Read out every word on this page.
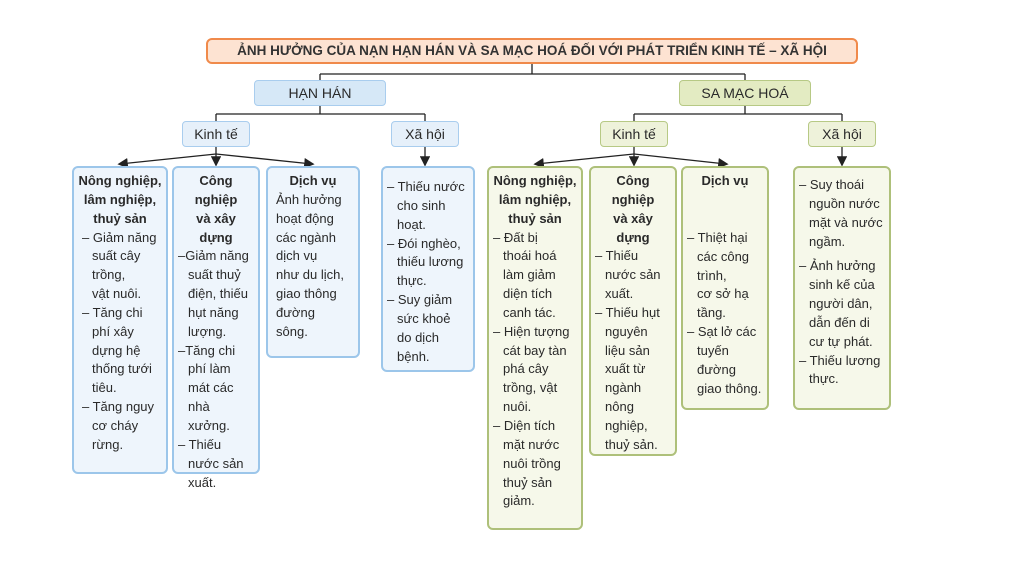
ẢNH HƯỞNG CỦA NẠN HẠN HÁN VÀ SA MẠC HOÁ ĐỐI VỚI PHÁT TRIỂN KINH TẾ – XÃ HỘI
HẠN HÁN	SA MẠC HOÁ
Kinh tế	Xã hội	Kinh tế	Xã hội
Nông nghiệp,
lâm nghiệp,
thuỷ sản
– Giảm năng
suất cây
trồng,
vật nuôi.
– Tăng chi
phí xây
dựng hệ
thống tưới
tiêu.
– Tăng nguy
cơ cháy
rừng.
Công
nghiệp
và xây dựng
–Giảm năng
suất thuỷ
điện, thiếu
hụt năng
lượng.
–Tăng chi
phí làm
mát các
nhà xưởng.
– Thiếu
nước sản
xuất.
Dịch vụ
Ảnh hưởng
hoạt động
các ngành
dịch vụ
như du lịch,
giao thông
đường
sông.
– Thiếu nước
cho sinh
hoạt.
– Đói nghèo,
thiếu lương
thực.
– Suy giảm
sức khoẻ
do dịch
bệnh.
Nông nghiệp,
lâm nghiệp,
thuỷ sản
– Đất bị
thoái hoá
làm giảm
diện tích
canh tác.
– Hiện tượng
cát bay tàn
phá cây
trồng, vật
nuôi.
– Diện tích
mặt nước
nuôi trồng
thuỷ sản
giảm.
Công
nghiệp
và xây dựng
– Thiếu
nước sản
xuất.
– Thiếu hụt
nguyên
liệu sản
xuất từ
ngành
nông
nghiệp,
thuỷ sản.
Dịch vụ
– Thiệt hại
các công
trình,
cơ sở hạ
tầng.
– Sạt lở các
tuyến
đường
giao thông.
– Suy thoái
nguồn nước
mặt và nước
ngầm.
– Ảnh hưởng
sinh kế của
người dân,
dẫn đến di
cư tự phát.
– Thiếu lương
thực.
